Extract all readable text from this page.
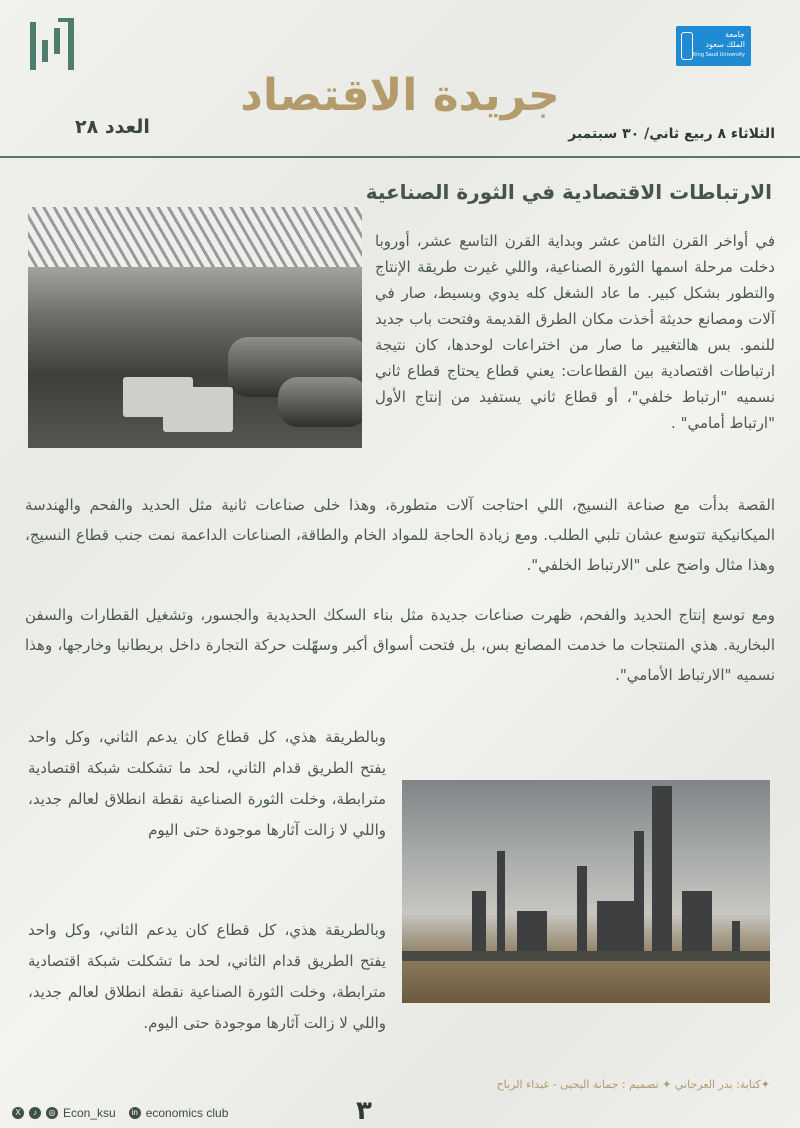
جامعة
الملك سعود
King Saud University
جريدة الاقتصاد
الثلاثاء ٨ ربيع ثاني/ ٣٠ سبتمبر
العدد ٢٨
الارتباطات الاقتصادية في الثورة الصناعية

في أواخر القرن الثامن عشر وبداية القرن التاسع عشر، أوروبا دخلت مرحلة اسمها الثورة الصناعية، واللي غيرت طريقة الإنتاج والتطور بشكل كبير. ما عاد الشغل كله يدوي وبسيط، صار في آلات ومصانع حديثة أخذت مكان الطرق القديمة وفتحت باب جديد للنمو. بس هالتغيير ما صار من اختراعات لوحدها، كان نتيجة ارتباطات اقتصادية بين القطاعات: يعني قطاع يحتاج قطاع ثاني نسميه "ارتباط خلفي"، أو قطاع ثاني يستفيد من إنتاج الأول "ارتباط أمامي" .

القصة بدأت مع صناعة النسيج، اللي احتاجت آلات متطورة، وهذا خلى صناعات ثانية مثل الحديد والفحم والهندسة الميكانيكية تتوسع عشان تلبي الطلب. ومع زيادة الحاجة للمواد الخام والطاقة، الصناعات الداعمة نمت جنب قطاع النسيج، وهذا مثال واضح على "الارتباط الخلفي".

ومع توسع إنتاج الحديد والفحم، ظهرت صناعات جديدة مثل بناء السكك الحديدية والجسور، وتشغيل القطارات والسفن البخارية. هذي المنتجات ما خدمت المصانع بس، بل فتحت أسواق أكبر وسهّلت حركة التجارة داخل بريطانيا وخارجها، وهذا نسميه "الارتباط الأمامي".

وبالطريقة هذي، كل قطاع كان يدعم الثاني، وكل واحد يفتح الطريق قدام الثاني، لحد ما تشكلت شبكة اقتصادية مترابطة، وخلت الثورة الصناعية نقطة انطلاق لعالم جديد، واللي لا زالت آثارها موجودة حتى اليوم

وبالطريقة هذي، كل قطاع كان يدعم الثاني، وكل واحد يفتح الطريق قدام الثاني، لحد ما تشكلت شبكة اقتصادية مترابطة، وخلت الثورة الصناعية نقطة انطلاق لعالم جديد، واللي لا زالت آثارها موجودة حتى اليوم.

✦كتابة: بدر العرجاني ✦ تصميم : جمانة اليحيى - غيداء الرباح
٣
X	♪	◎ Econ_ksu	in economics club
